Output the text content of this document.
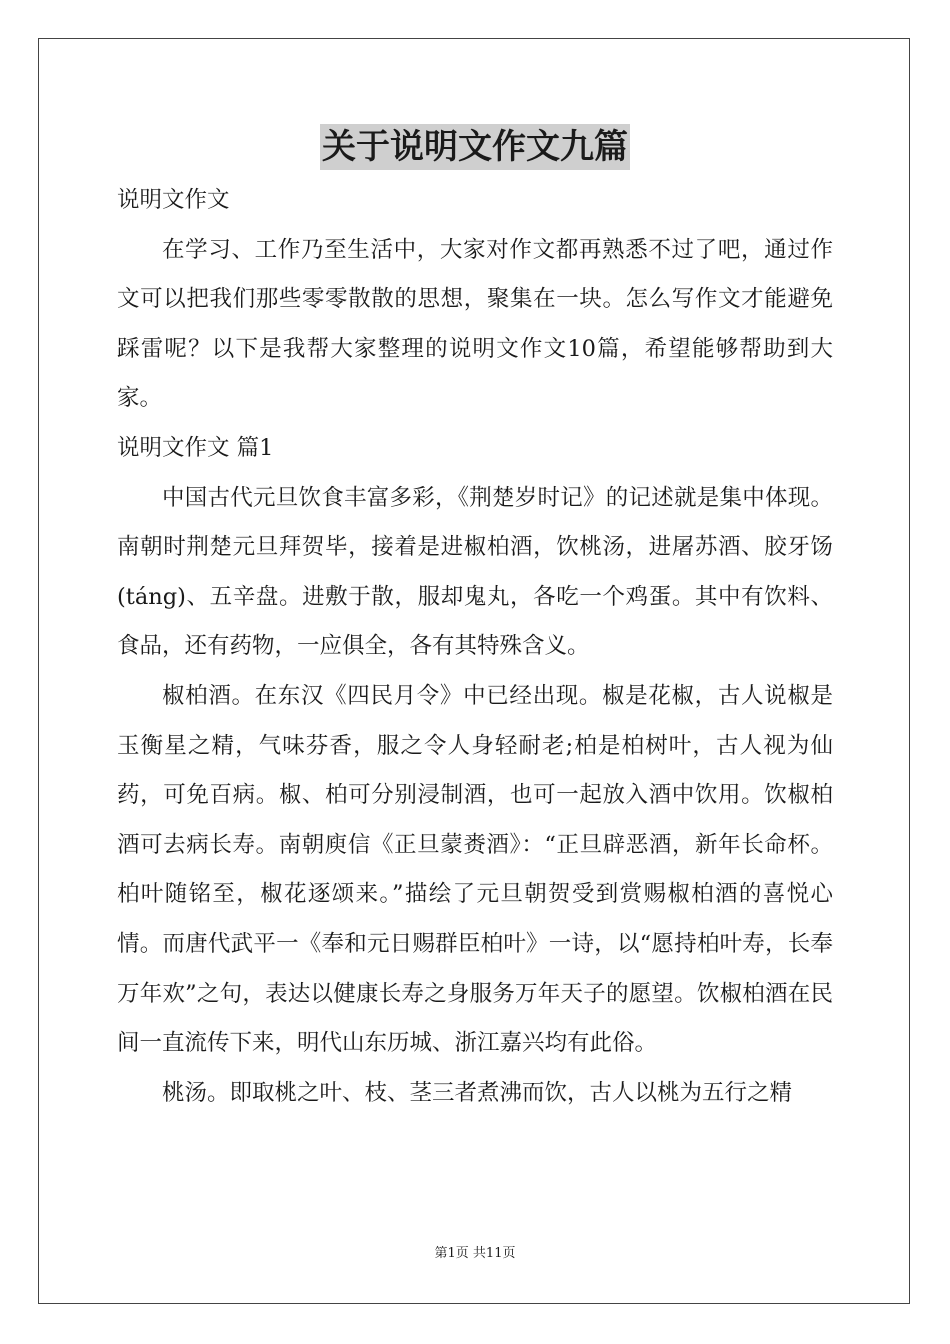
关于说明文作文九篇

说明文作文

在学习、工作乃至生活中，大家对作文都再熟悉不过了吧，通过作文可以把我们那些零零散散的思想，聚集在一块。怎么写作文才能避免踩雷呢？以下是我帮大家整理的说明文作文10篇，希望能够帮助到大家。

说明文作文 篇1

中国古代元旦饮食丰富多彩，《荆楚岁时记》的记述就是集中体现。南朝时荆楚元旦拜贺毕，接着是进椒柏酒，饮桃汤，进屠苏酒、胶牙饧(táng)、五辛盘。进敷于散，服却鬼丸，各吃一个鸡蛋。其中有饮料、食品，还有药物，一应俱全，各有其特殊含义。

椒柏酒。在东汉《四民月令》中已经出现。椒是花椒，古人说椒是玉衡星之精，气味芬香，服之令人身轻耐老;柏是柏树叶，古人视为仙药，可免百病。椒、柏可分别浸制酒，也可一起放入酒中饮用。饮椒柏酒可去病长寿。南朝庾信《正旦蒙赉酒》：“正旦辟恶酒，新年长命杯。柏叶随铭至，椒花逐颂来。”描绘了元旦朝贺受到赏赐椒柏酒的喜悦心情。而唐代武平一《奉和元日赐群臣柏叶》一诗，以“愿持柏叶寿，长奉万年欢”之句，表达以健康长寿之身服务万年天子的愿望。饮椒柏酒在民间一直流传下来，明代山东历城、浙江嘉兴均有此俗。

桃汤。即取桃之叶、枝、茎三者煮沸而饮，古人以桃为五行之精

第1页 共11页
